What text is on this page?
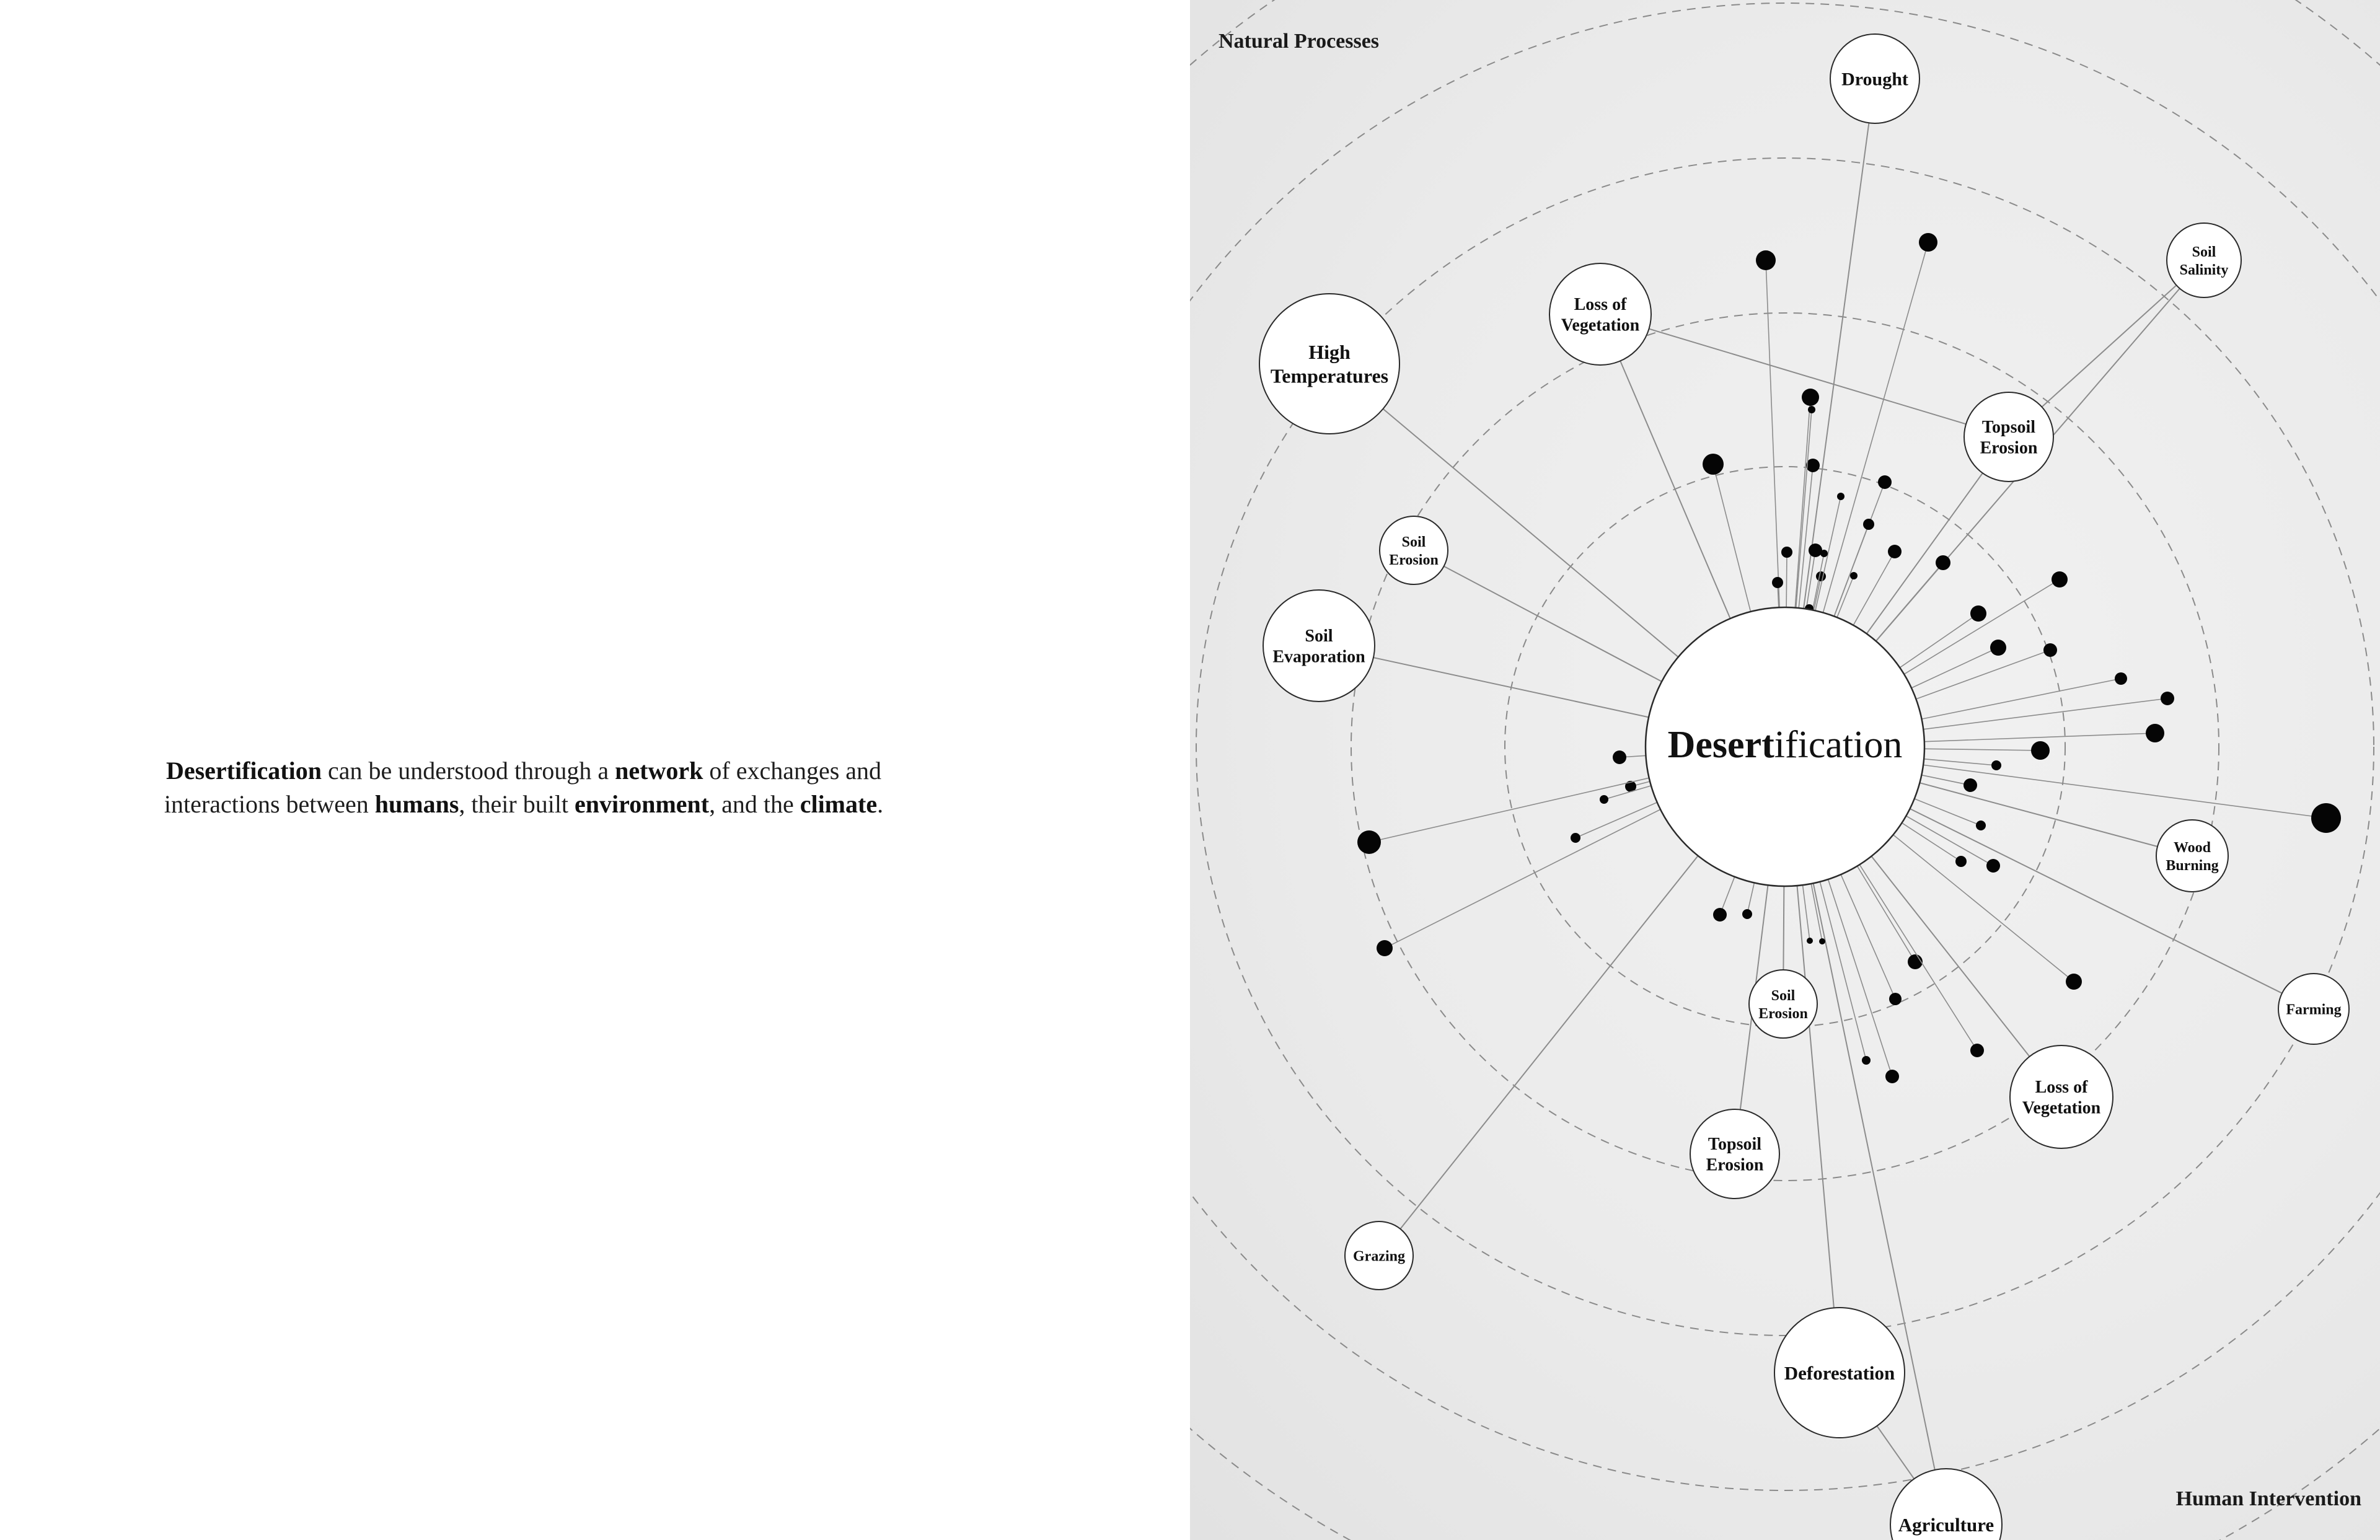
Desertification can be understood through a network of exchanges and interactions between humans, their built environment, and the climate.

Desertification
Drought
Soil Salinity
Loss of Vegetation
High Temperatures
Topsoil Erosion
Soil Erosion
Soil Evaporation
Wood Burning
Farming
Soil Erosion
Loss of Vegetation
Topsoil Erosion
Grazing
Deforestation
Agriculture
Natural Processes
Human Intervention
